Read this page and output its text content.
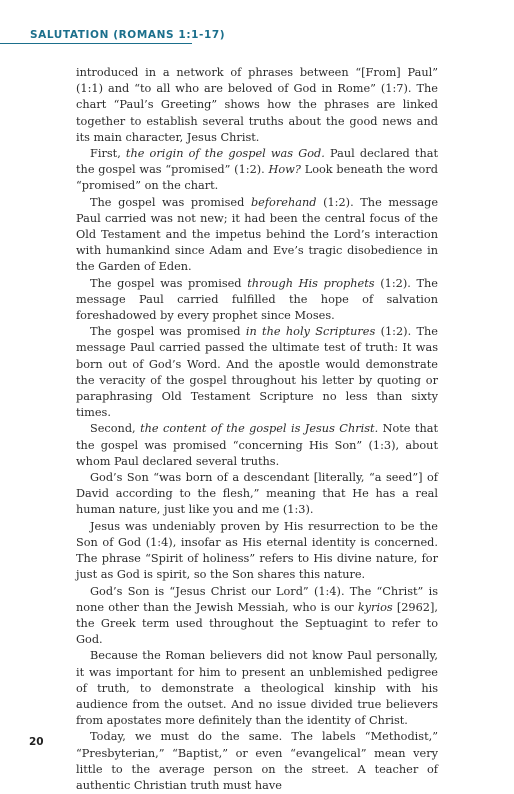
SALUTATION (ROMANS 1:1-17)

introduced in a network of phrases between “[From] Paul” (1:1) and “to all who are beloved of God in Rome” (1:7). The chart “Paul’s Greeting” shows how the phrases are linked together to establish several truths about the good news and its main character, Jesus Christ.

First, the origin of the gospel was God. Paul declared that the gospel was “promised” (1:2). How? Look beneath the word “promised” on the chart.

The gospel was promised beforehand (1:2). The message Paul carried was not new; it had been the central focus of the Old Testament and the impetus behind the Lord’s interaction with humankind since Adam and Eve’s tragic disobedience in the Garden of Eden.

The gospel was promised through His prophets (1:2). The message Paul carried fulfilled the hope of salvation foreshadowed by every prophet since Moses.

The gospel was promised in the holy Scriptures (1:2). The message Paul carried passed the ultimate test of truth: It was born out of God’s Word. And the apostle would demonstrate the veracity of the gospel throughout his letter by quoting or paraphrasing Old Testament Scripture no less than sixty times.

Second, the content of the gospel is Jesus Christ. Note that the gospel was promised “concerning His Son” (1:3), about whom Paul declared several truths.

God’s Son “was born of a descendant [literally, “a seed”] of David according to the flesh,” meaning that He has a real human nature, just like you and me (1:3).

Jesus was undeniably proven by His resurrection to be the Son of God (1:4), insofar as His eternal identity is concerned. The phrase “Spirit of holiness” refers to His divine nature, for just as God is spirit, so the Son shares this nature.

God’s Son is “Jesus Christ our Lord” (1:4). The “Christ” is none other than the Jewish Messiah, who is our kyrios [2962], the Greek term used throughout the Septuagint to refer to God.

Because the Roman believers did not know Paul personally, it was important for him to present an unblemished pedigree of truth, to demonstrate a theological kinship with his audience from the outset. And no issue divided true believers from apostates more definitely than the identity of Christ.

Today, we must do the same. The labels “Methodist,” “Presbyterian,” “Baptist,” or even “evangelical” mean very little to the average person on the street. A teacher of authentic Christian truth must have

20
